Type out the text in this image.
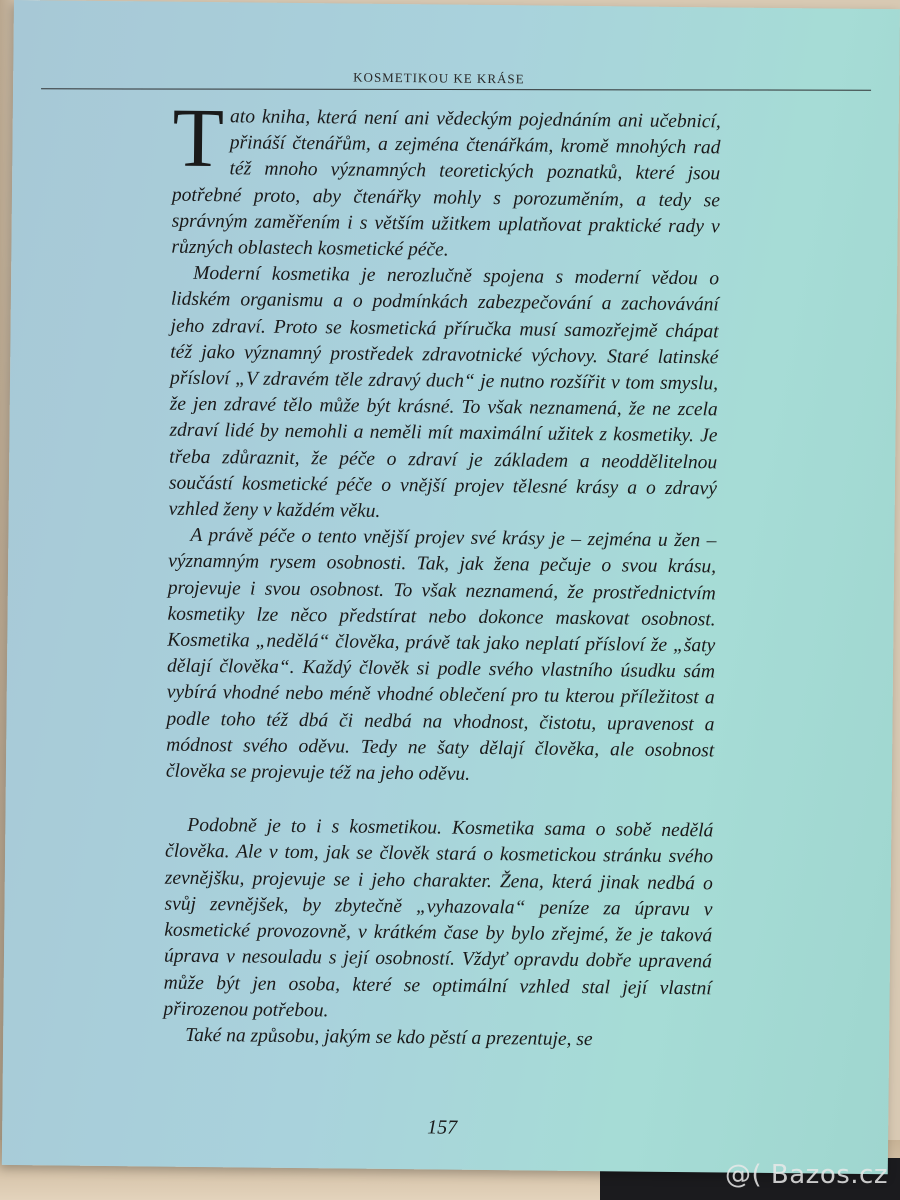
KOSMETIKOU KE KRÁSE

Tato kniha, která není ani vědeckým pojednáním ani učebnicí, přináší čtenářům, a zejména čtenářkám, kromě mnohých rad též mnoho významných teoretických poznatků, které jsou potřebné proto, aby čtenářky mohly s porozuměním, a tedy se správným zaměřením i s větším užitkem uplatňovat praktické rady v různých oblastech kosmetické péče.

Moderní kosmetika je nerozlučně spojena s moderní vědou o lidském organismu a o podmínkách zabezpečování a zachovávání jeho zdraví. Proto se kosmetická příručka musí samozřejmě chápat též jako významný prostředek zdravotnické výchovy. Staré latinské přísloví „V zdravém těle zdravý duch“ je nutno rozšířit v tom smyslu, že jen zdravé tělo může být krásné. To však neznamená, že ne zcela zdraví lidé by nemohli a neměli mít maximální užitek z kosmetiky. Je třeba zdůraznit, že péče o zdraví je základem a neoddělitelnou součástí kosmetické péče o vnější projev tělesné krásy a o zdravý vzhled ženy v každém věku.

A právě péče o tento vnější projev své krásy je – zejména u žen – významným rysem osobnosti. Tak, jak žena pečuje o svou krásu, projevuje i svou osobnost. To však neznamená, že prostřednictvím kosmetiky lze něco předstírat nebo dokonce maskovat osobnost. Kosmetika „nedělá“ člověka, právě tak jako neplatí přísloví že „šaty dělají člověka“. Každý člověk si podle svého vlastního úsudku sám vybírá vhodné nebo méně vhodné oblečení pro tu kterou příležitost a podle toho též dbá či nedbá na vhodnost, čistotu, upravenost a módnost svého oděvu. Tedy ne šaty dělají člověka, ale osobnost člověka se projevuje též na jeho oděvu.

Podobně je to i s kosmetikou. Kosmetika sama o sobě nedělá člověka. Ale v tom, jak se člověk stará o kosmetickou stránku svého zevnějšku, projevuje se i jeho charakter. Žena, která jinak nedbá o svůj zevnějšek, by zbytečně „vyhazovala“ peníze za úpravu v kosmetické provozovně, v krátkém čase by bylo zřejmé, že je taková úprava v nesouladu s její osobností. Vždyť opravdu dobře upravená může být jen osoba, které se optimální vzhled stal její vlastní přirozenou potřebou.

Také na způsobu, jakým se kdo pěstí a prezentuje, se

157
@( Bazos.cz
